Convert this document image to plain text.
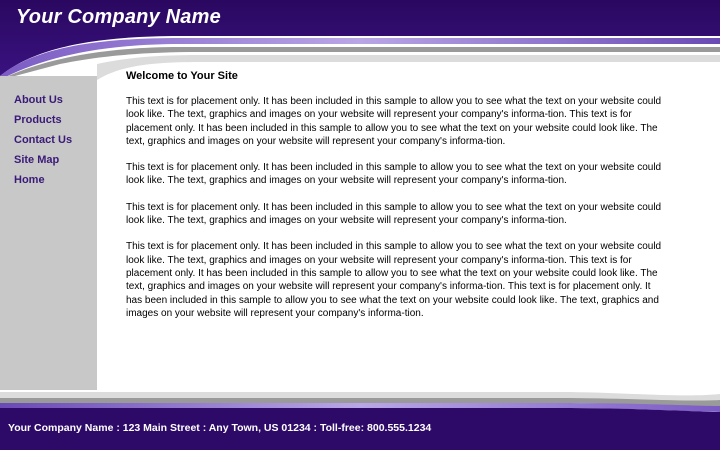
Your Company Name
About Us
Products
Contact Us
Site Map
Home
Welcome to Your Site

This text is for placement only. It has been included in this sample to allow you to see what the text on your website could look like. The text, graphics and images on your website will represent your company's informa-tion. This text is for placement only. It has been included in this sample to allow you to see what the text on your website could look like. The text, graphics and images on your website will represent your company's informa-tion.

This text is for placement only. It has been included in this sample to allow you to see what the text on your website could look like. The text, graphics and images on your website will represent your company's informa-tion.

This text is for placement only. It has been included in this sample to allow you to see what the text on your website could look like. The text, graphics and images on your website will represent your company's informa-tion.

This text is for placement only. It has been included in this sample to allow you to see what the text on your website could look like. The text, graphics and images on your website will represent your company's informa-tion. This text is for placement only. It has been included in this sample to allow you to see what the text on your website could look like. The text, graphics and images on your website will represent your company's informa-tion. This text is for placement only. It has been included in this sample to allow you to see what the text on your website could look like. The text, graphics and images on your website will represent your company's informa-tion.

Your Company Name : 123 Main Street : Any Town, US 01234 : Toll-free: 800.555.1234
